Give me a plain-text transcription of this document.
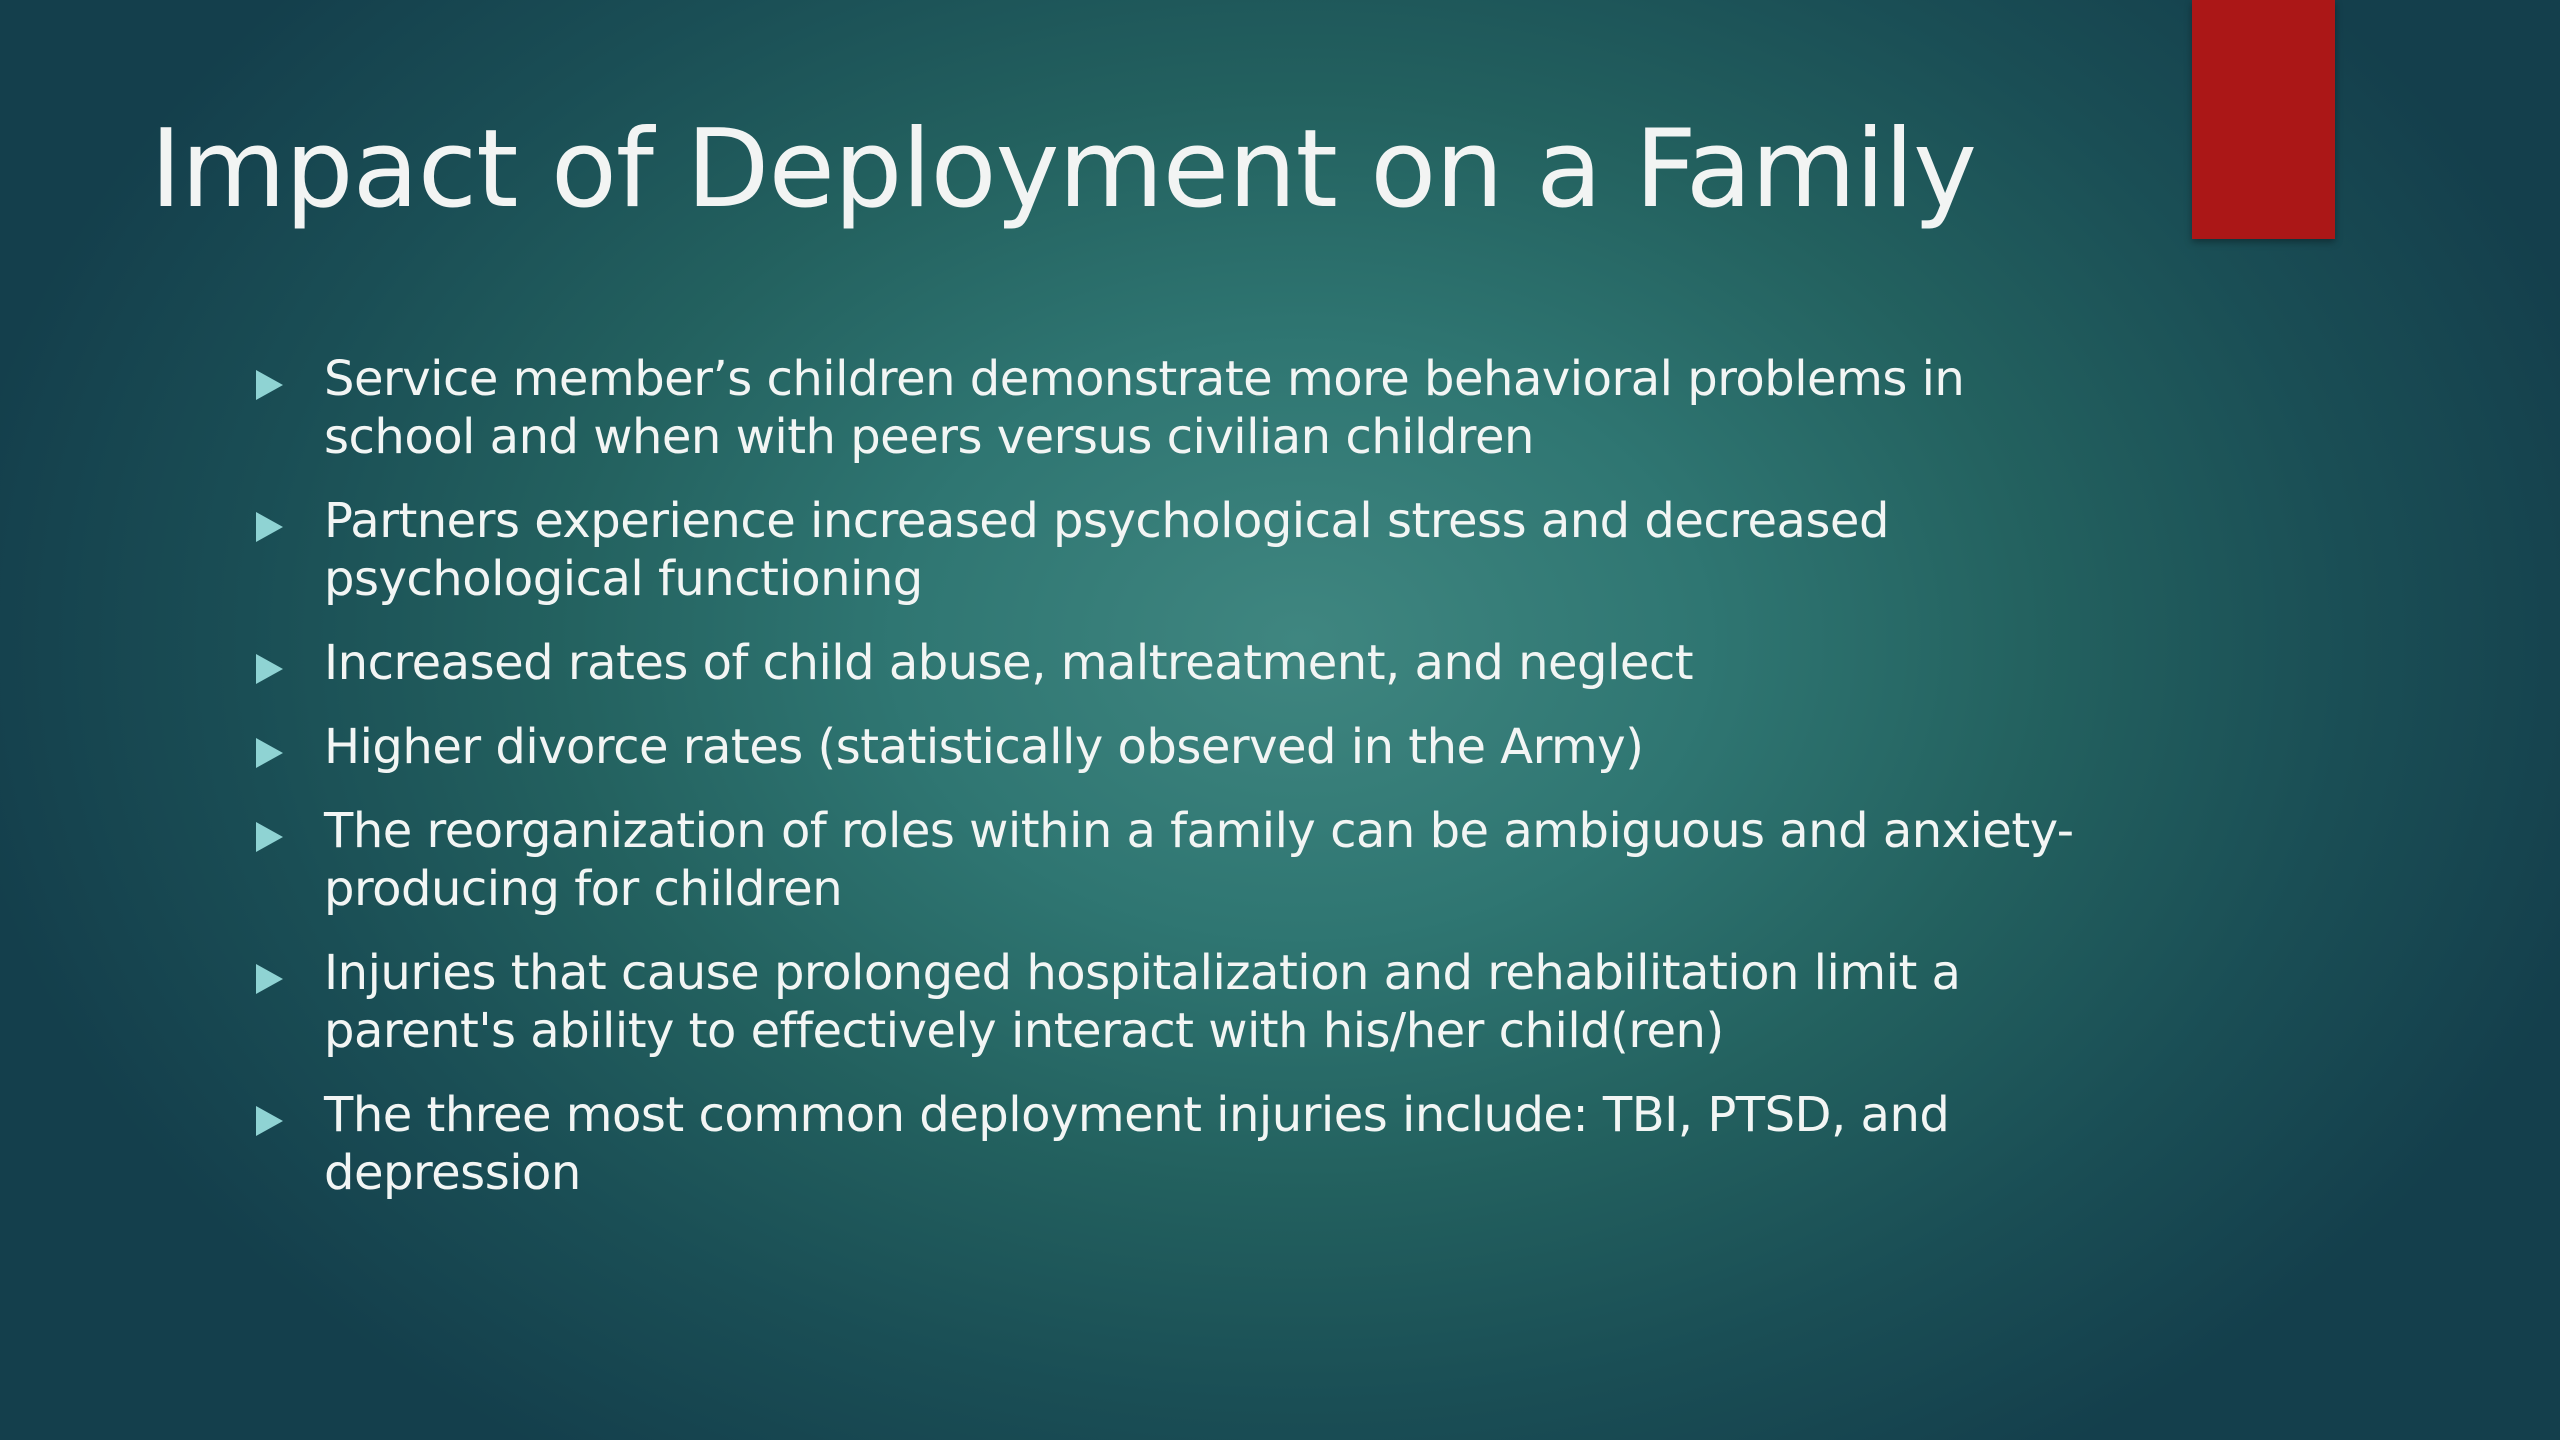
Impact of Deployment on a Family
Service member’s children demonstrate more behavioral problems in school and when with peers versus civilian children
Partners experience increased psychological stress and decreased psychological functioning
Increased rates of child abuse, maltreatment, and neglect
Higher divorce rates (statistically observed in the Army)
The reorganization of roles within a family can be ambiguous and anxiety-producing for children
Injuries that cause prolonged hospitalization and rehabilitation limit a parent's ability to effectively interact with his/her child(ren)
The three most common deployment injuries include: TBI, PTSD, and depression
